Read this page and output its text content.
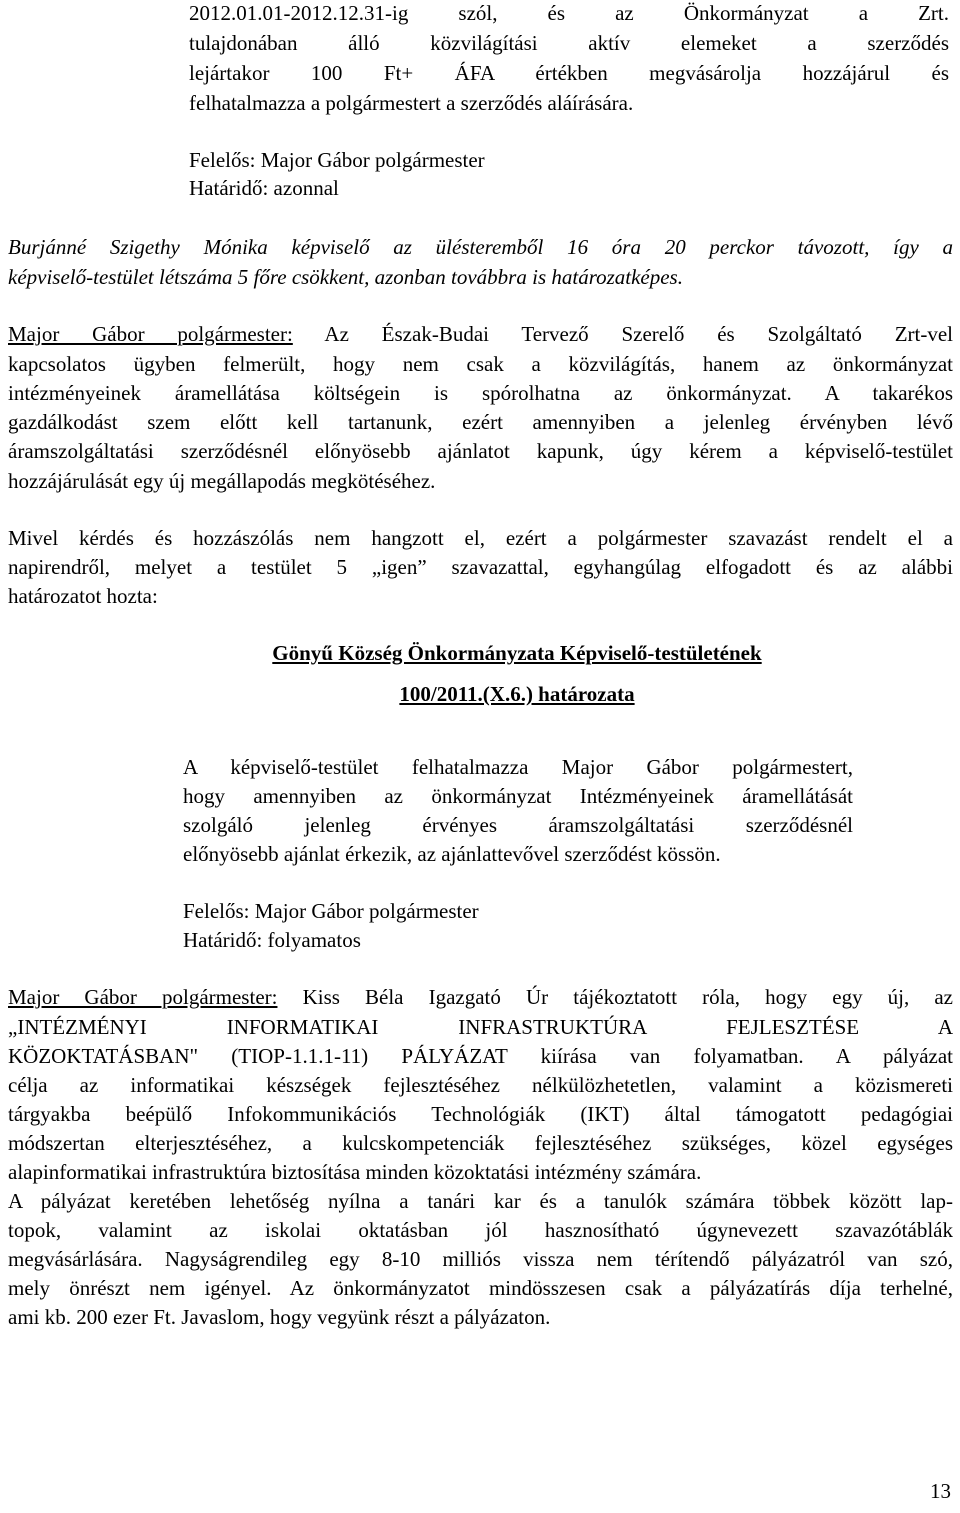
2012.01.01-2012.12.31-ig szól, és az Önkormányzat a Zrt.
tulajdonában álló közvilágítási aktív elemeket a szerződés
lejártakor 100 Ft+ ÁFA értékben megvásárolja hozzájárul és
felhatalmazza a polgármestert a szerződés aláírására.
Felelős: Major Gábor polgármester
Határidő: azonnal
Burjánné Szigethy Mónika képviselő az ülésteremből 16 óra 20 perckor távozott, így a
képviselő-testület létszáma 5 főre csökkent, azonban továbbra is határozatképes.
Major Gábor polgármester: Az Észak-Budai Tervező Szerelő és Szolgáltató Zrt-vel
kapcsolatos ügyben felmerült, hogy nem csak a közvilágítás, hanem az önkormányzat
intézményeinek áramellátása költségein is spórolhatna az önkormányzat. A takarékos
gazdálkodást szem előtt kell tartanunk, ezért amennyiben a jelenleg érvényben lévő
áramszolgáltatási szerződésnél előnyösebb ajánlatot kapunk, úgy kérem a képviselő-testület
hozzájárulását egy új megállapodás megkötéséhez.
Mivel kérdés és hozzászólás nem hangzott el, ezért a polgármester szavazást rendelt el a
napirendről, melyet a testület 5 „igen” szavazattal, egyhangúlag elfogadott és az alábbi
határozatot hozta:
Gönyű Község Önkormányzata Képviselő-testületének
100/2011.(X.6.) határozata
A képviselő-testület felhatalmazza Major Gábor polgármestert,
hogy amennyiben az önkormányzat Intézményeinek áramellátását
szolgáló jelenleg érvényes áramszolgáltatási szerződésnél
előnyösebb ajánlat érkezik, az ajánlattevővel szerződést kössön.
Felelős: Major Gábor polgármester
Határidő: folyamatos
Major Gábor polgármester: Kiss Béla Igazgató Úr tájékoztatott róla, hogy egy új, az
„INTÉZMÉNYI INFORMATIKAI INFRASTRUKTÚRA FEJLESZTÉSE A
KÖZOKTATÁSBAN" (TIOP-1.1.1-11) PÁLYÁZAT kiírása van folyamatban. A pályázat
célja az informatikai készségek fejlesztéséhez nélkülözhetetlen, valamint a közismereti
tárgyakba beépülő Infokommunikációs Technológiák (IKT) által támogatott pedagógiai
módszertan elterjesztéséhez, a kulcskompetenciák fejlesztéséhez szükséges, közel egységes
alapinformatikai infrastruktúra biztosítása minden közoktatási intézmény számára.
A pályázat keretében lehetőség nyílna a tanári kar és a tanulók számára többek között lap-
topok, valamint az iskolai oktatásban jól hasznosítható úgynevezett szavazótáblák
megvásárlására. Nagyságrendileg egy 8-10 milliós vissza nem térítendő pályázatról van szó,
mely önrészt nem igényel. Az önkormányzatot mindösszesen csak a pályázatírás díja terhelné,
ami kb. 200 ezer Ft. Javaslom, hogy vegyünk részt a pályázaton.
13
